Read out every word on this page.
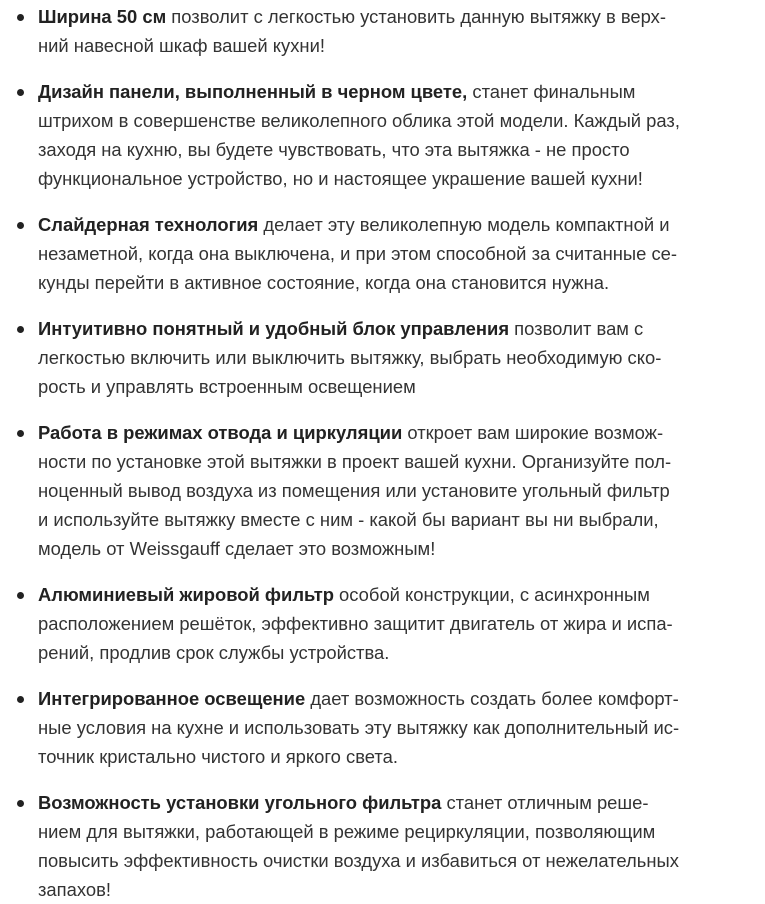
Ширина 50 см позволит с легкостью установить данную вытяжку в верх-
ний навесной шкаф вашей кухни!
Дизайн панели, выполненный в черном цвете, станет финальным
штрихом в совершенстве великолепного облика этой модели. Каждый раз,
заходя на кухню, вы будете чувствовать, что эта вытяжка - не просто
функциональное устройство, но и настоящее украшение вашей кухни!
Слайдерная технология делает эту великолепную модель компактной и
незаметной, когда она выключена, и при этом способной за считанные се-
кунды перейти в активное состояние, когда она становится нужна.
Интуитивно понятный и удобный блок управления позволит вам с
легкостью включить или выключить вытяжку, выбрать необходимую ско-
рость и управлять встроенным освещением
Работа в режимах отвода и циркуляции откроет вам широкие возмож-
ности по установке этой вытяжки в проект вашей кухни. Организуйте пол-
ноценный вывод воздуха из помещения или установите угольный фильтр
и используйте вытяжку вместе с ним - какой бы вариант вы ни выбрали,
модель от Weissgauff сделает это возможным!
Алюминиевый жировой фильтр особой конструкции, с асинхронным
расположением решёток, эффективно защитит двигатель от жира и испа-
рений, продлив срок службы устройства.
Интегрированное освещение дает возможность создать более комфорт-
ные условия на кухне и использовать эту вытяжку как дополнительный ис-
точник кристально чистого и яркого света.
Возможность установки угольного фильтра станет отличным реше-
нием для вытяжки, работающей в режиме рециркуляции, позволяющим
повысить эффективность очистки воздуха и избавиться от нежелательных
запахов!
